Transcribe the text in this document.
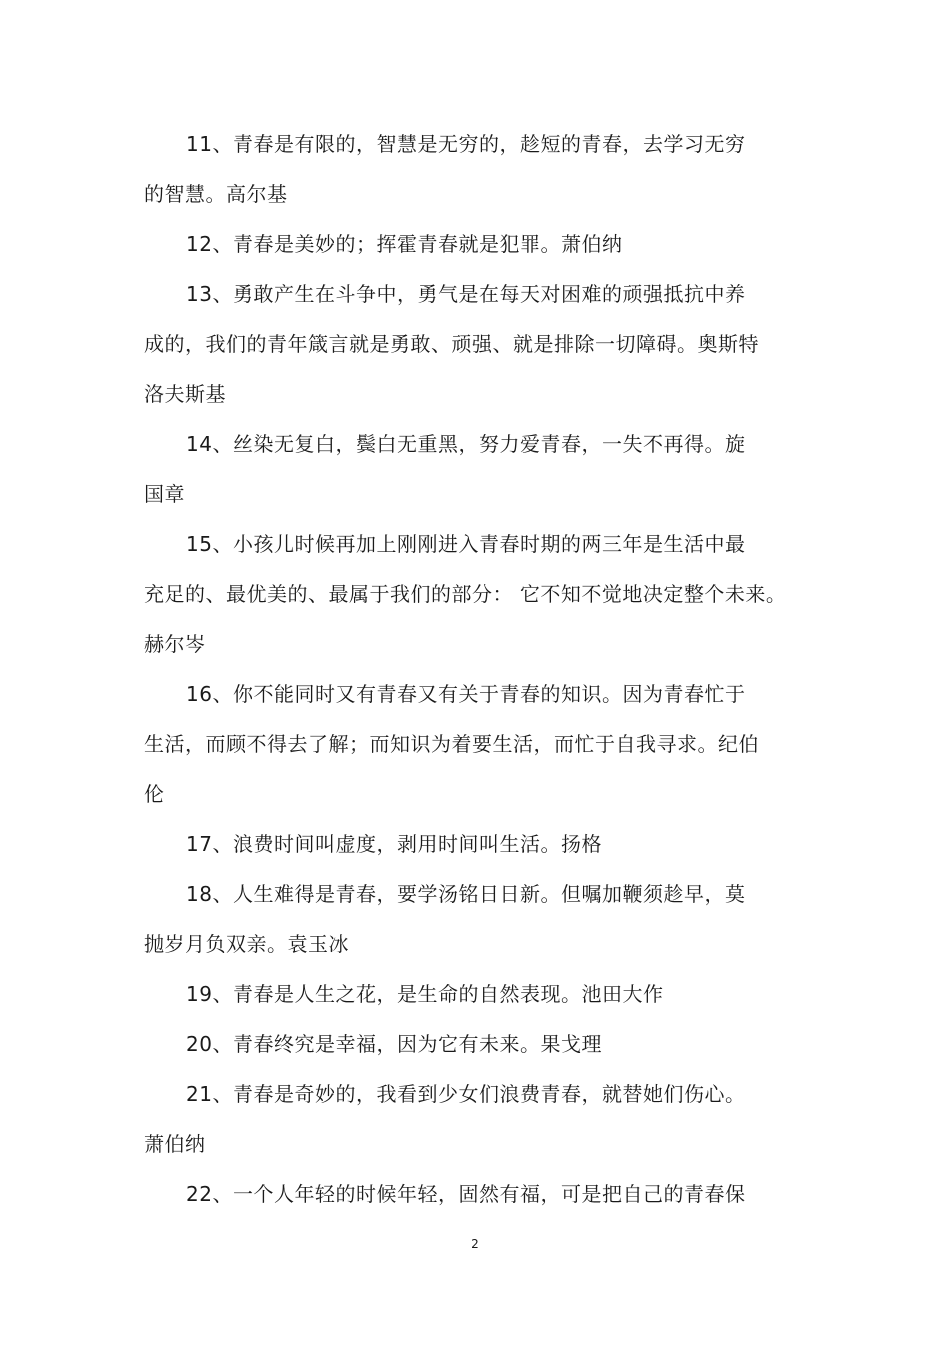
11、青春是有限的，智慧是无穷的，趁短的青春，去学习无穷
的智慧。高尔基
12、青春是美妙的；挥霍青春就是犯罪。萧伯纳
13、勇敢产生在斗争中，勇气是在每天对困难的顽强抵抗中养
成的，我们的青年箴言就是勇敢、顽强、就是排除一切障碍。奥斯特
洛夫斯基
14、丝染无复白，鬓白无重黑，努力爱青春，一失不再得。旋
国章
15、小孩儿时候再加上刚刚进入青春时期的两三年是生活中最
充足的、最优美的、最属于我们的部分： 它不知不觉地决定整个未来。
赫尔岑
16、你不能同时又有青春又有关于青春的知识。因为青春忙于
生活，而顾不得去了解；而知识为着要生活，而忙于自我寻求。纪伯
伦
17、浪费时间叫虚度，剥用时间叫生活。扬格
18、人生难得是青春，要学汤铭日日新。但嘱加鞭须趁早，莫
抛岁月负双亲。袁玉冰
19、青春是人生之花，是生命的自然表现。池田大作
20、青春终究是幸福，因为它有未来。果戈理
21、青春是奇妙的，我看到少女们浪费青春，就替她们伤心。
萧伯纳
22、一个人年轻的时候年轻，固然有福，可是把自己的青春保
2
